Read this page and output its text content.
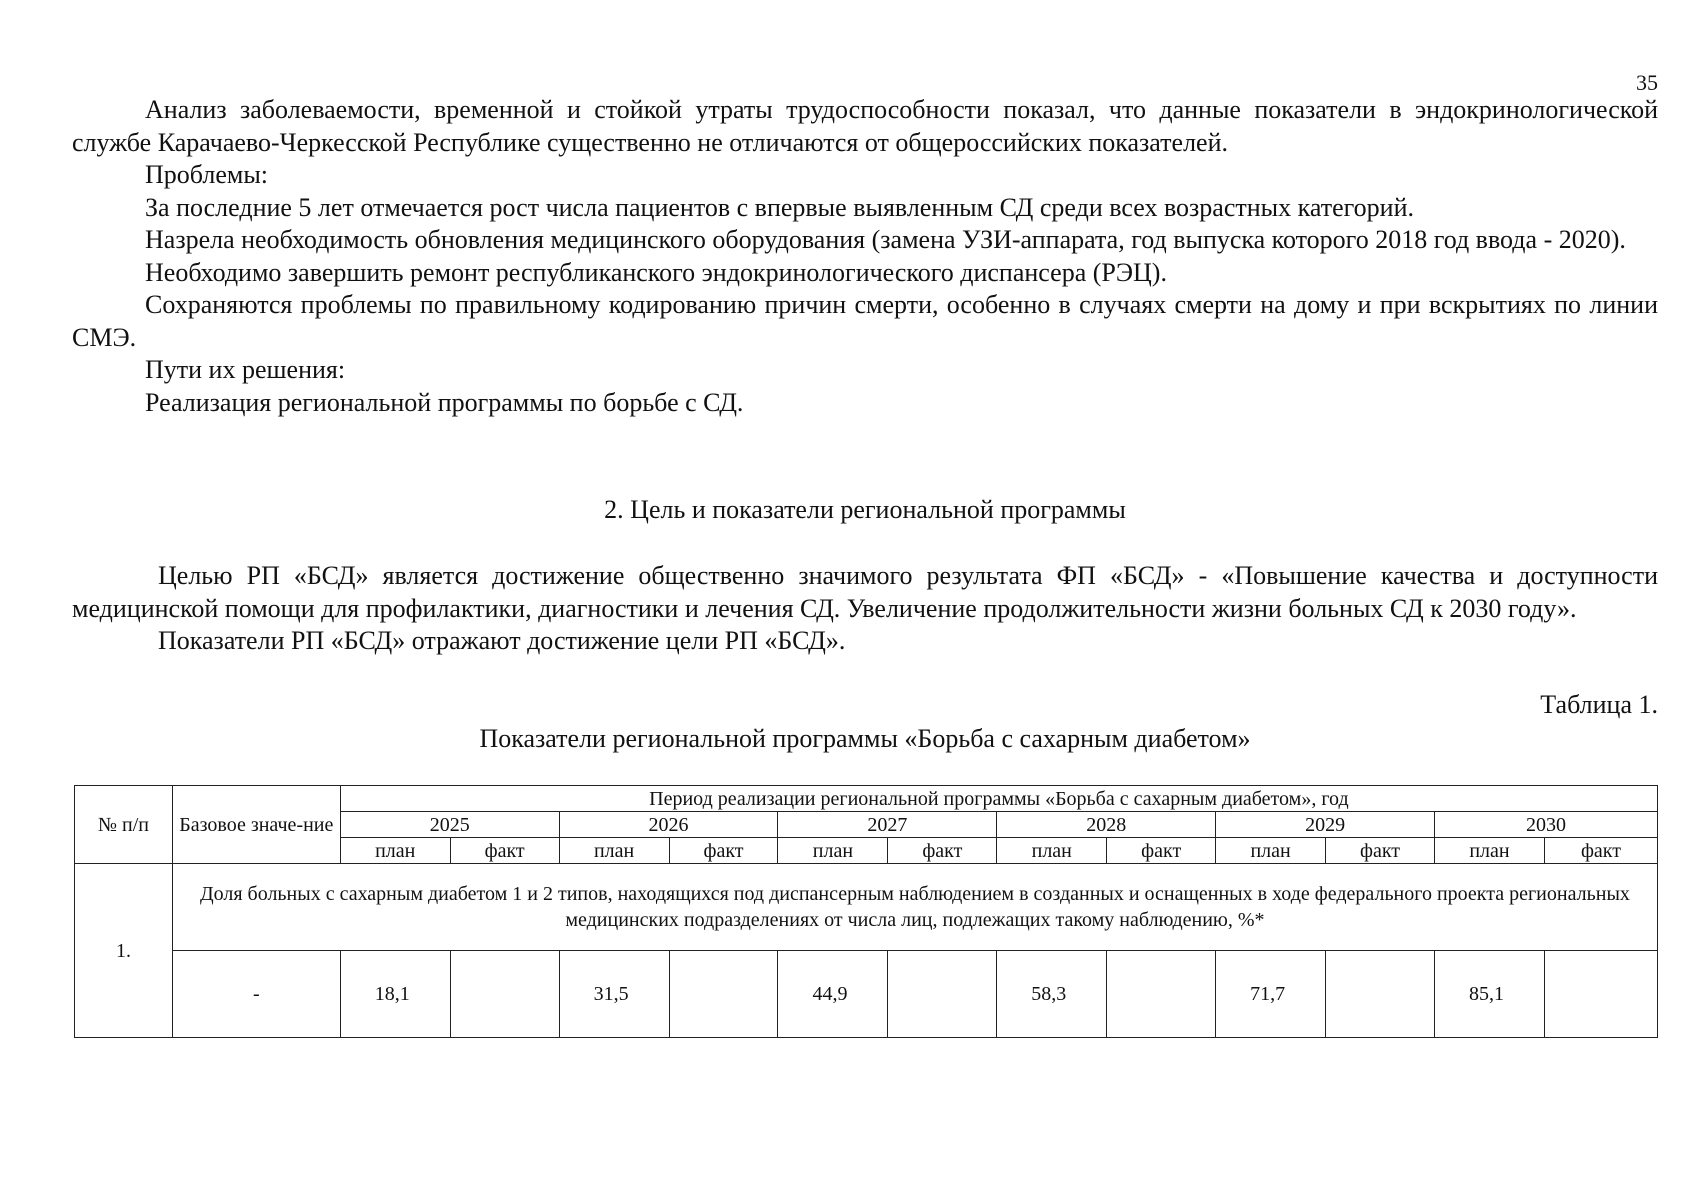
35

Анализ заболеваемости, временной и стойкой утраты трудоспособности показал, что данные показатели в эндокринологической службе Карачаево-Черкесской Республике существенно не отличаются от общероссийских показателей.

Проблемы:

За последние 5 лет отмечается рост числа пациентов с впервые выявленным СД среди всех возрастных категорий.

Назрела необходимость обновления медицинского оборудования (замена УЗИ-аппарата, год выпуска которого 2018 год ввода - 2020).

Необходимо завершить ремонт республиканского эндокринологического диспансера (РЭЦ).

Сохраняются проблемы по правильному кодированию причин смерти, особенно в случаях смерти на дому и при вскрытиях по линии СМЭ.

Пути их решения:

Реализация региональной программы по борьбе с СД.

2. Цель и показатели региональной программы

Целью РП «БСД» является достижение общественно значимого результата ФП «БСД» - «Повышение качества и доступности медицинской помощи для профилактики, диагностики и лечения СД. Увеличение продолжительности жизни больных СД к 2030 году».

Показатели РП «БСД» отражают достижение цели РП «БСД».

Таблица 1.
Показатели региональной программы «Борьба с сахарным диабетом»
№ п/п	Базовое значе-ние	Период реализации региональной программы «Борьба с сахарным диабетом», год											
		2025		2026		2027		2028		2029		2030	
		план	факт	план	факт	план	факт	план	факт	план	факт	план	факт
1.	Доля больных с сахарным диабетом 1 и 2 типов, находящихся под диспансерным наблюдением в созданных и оснащенных в ходе федерального проекта региональных медицинских подразделениях от числа лиц, подлежащих такому наблюдению, %*												
	-	18,1		31,5		44,9		58,3		71,7		85,1	
